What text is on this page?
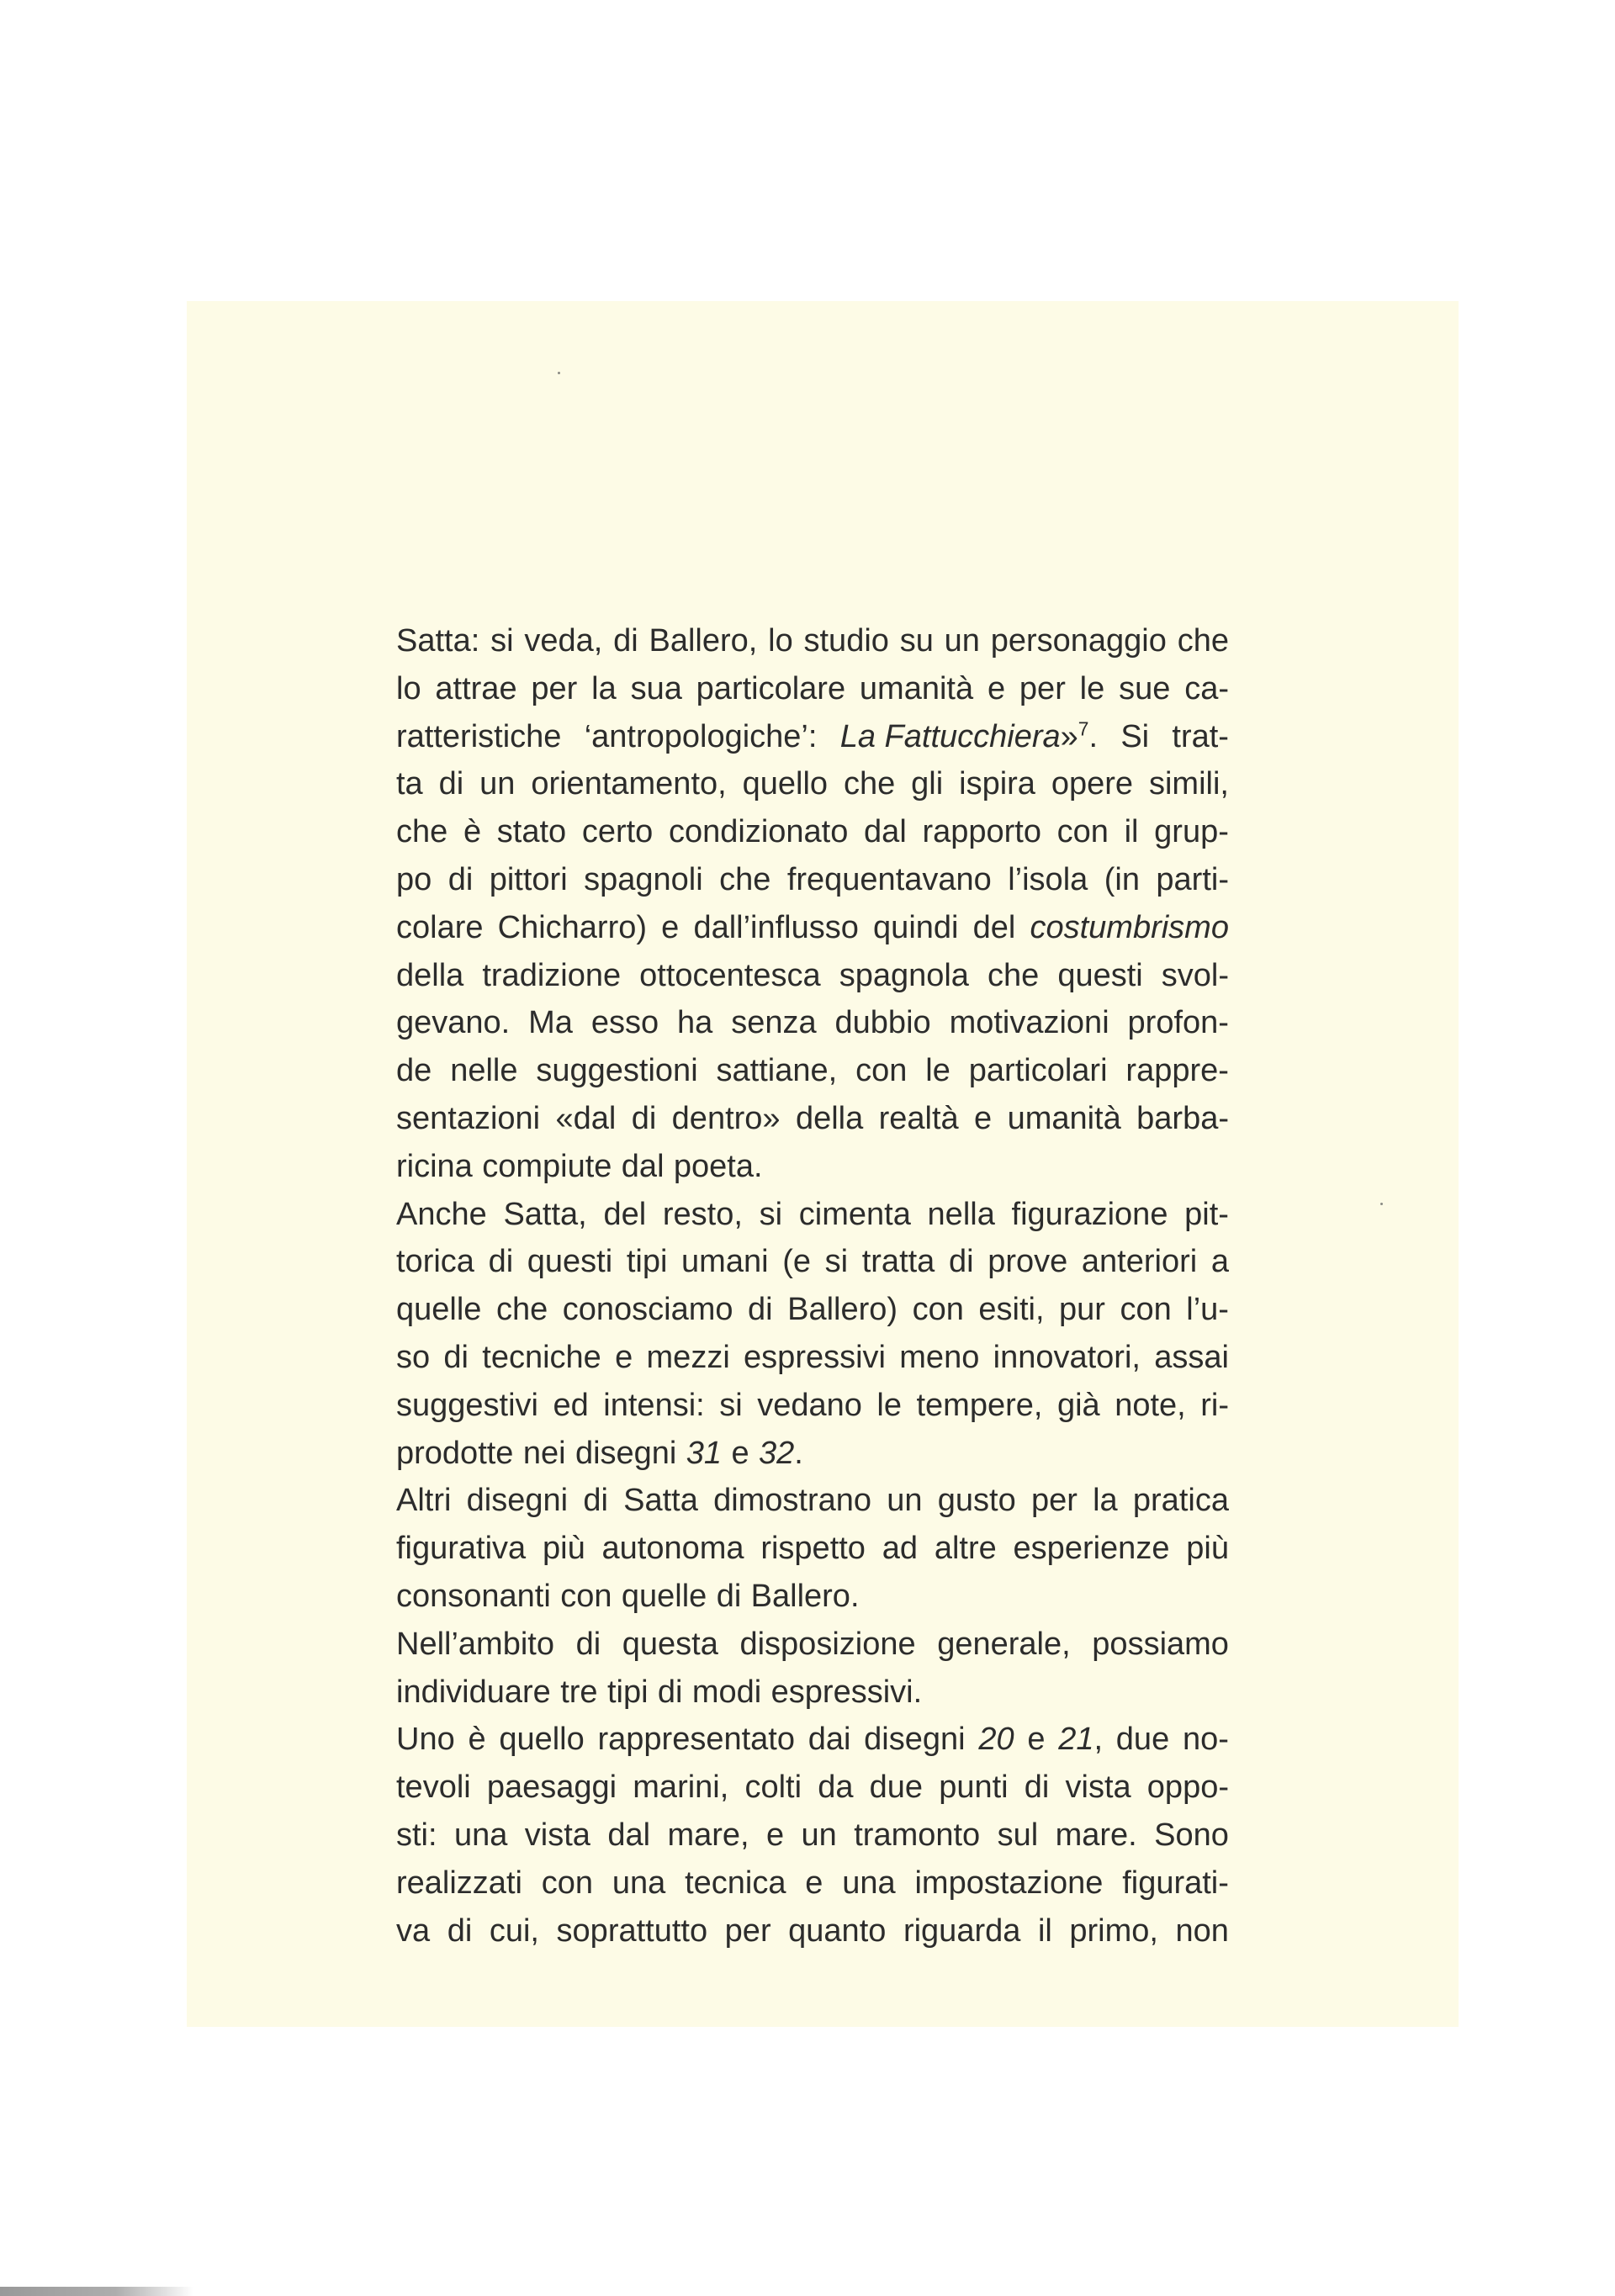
Satta: si veda, di Ballero, lo studio su un personaggio che
lo attrae per la sua particolare umanità e per le sue ca-
ratteristiche ‘antropologiche’: La Fattucchiera»$^7$. Si trat-
ta di un orientamento, quello che gli ispira opere simili,
che è stato certo condizionato dal rapporto con il grup-
po di pittori spagnoli che frequentavano l’isola (in parti-
colare Chicharro) e dall’influsso quindi del costumbrismo
della tradizione ottocentesca spagnola che questi svol-
gevano. Ma esso ha senza dubbio motivazioni profon-
de nelle suggestioni sattiane, con le particolari rappre-
sentazioni «dal di dentro» della realtà e umanità barba-
ricina compiute dal poeta.
Anche Satta, del resto, si cimenta nella figurazione pit-
torica di questi tipi umani (e si tratta di prove anteriori a
quelle che conosciamo di Ballero) con esiti, pur con l’u-
so di tecniche e mezzi espressivi meno innovatori, assai
suggestivi ed intensi: si vedano le tempere, già note, ri-
prodotte nei disegni 31 e 32.
Altri disegni di Satta dimostrano un gusto per la pratica
figurativa più autonoma rispetto ad altre esperienze più
consonanti con quelle di Ballero.
Nell’ambito di questa disposizione generale, possiamo
individuare tre tipi di modi espressivi.
Uno è quello rappresentato dai disegni 20 e 21, due no-
tevoli paesaggi marini, colti da due punti di vista oppo-
sti: una vista dal mare, e un tramonto sul mare. Sono
realizzati con una tecnica e una impostazione figurati-
va di cui, soprattutto per quanto riguarda il primo, non
